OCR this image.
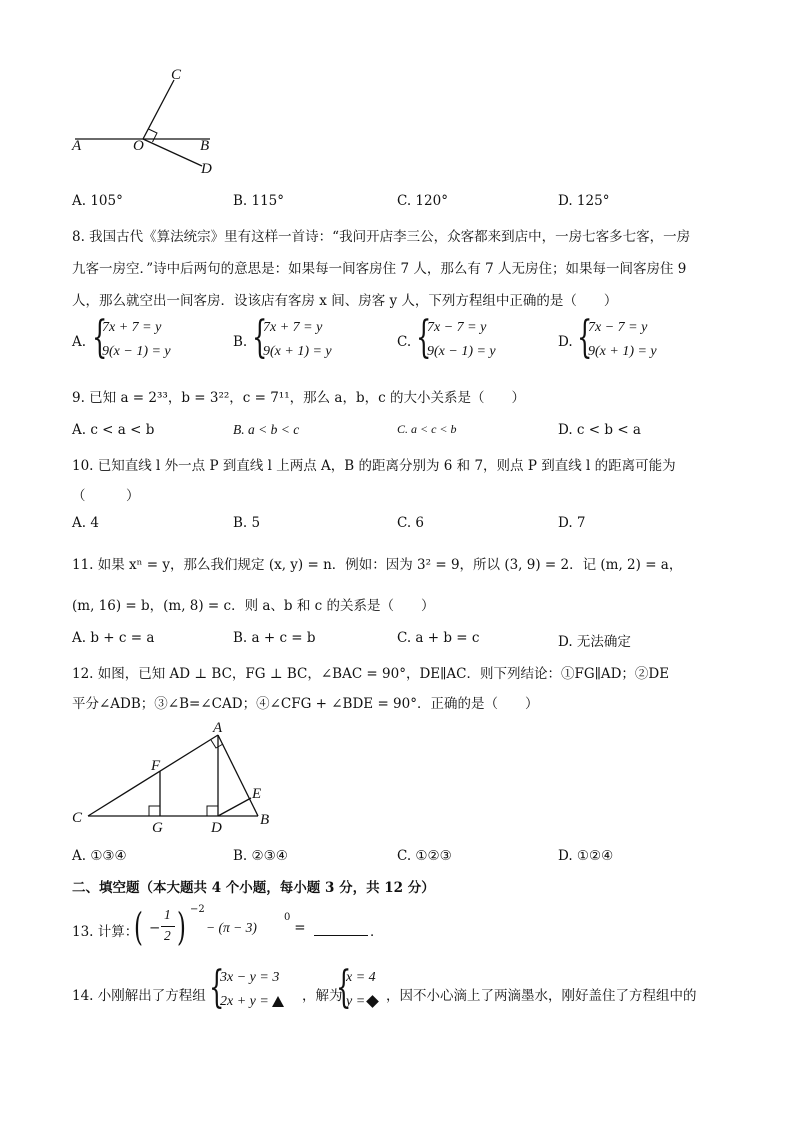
A	O	B
C
D
A. 105°	B. 115°	C. 120°	D. 125°
8. 我国古代《算法统宗》里有这样一首诗：“我问开店李三公，众客都来到店中，一房七客多七客，一房
九客一房空．”诗中后两句的意思是：如果每一间客房住 7 人，那么有 7 人无房住；如果每一间客房住 9
人，那么就空出一间客房．设该店有客房 x 间、房客 y 人，下列方程组中正确的是（　　）
A. {
7x + 7 = y
9(x − 1) = y
B. {
7x + 7 = y
9(x + 1) = y
C. {
7x − 7 = y
9(x − 1) = y
D. {
7x − 7 = y
9(x + 1) = y
9. 已知 a = 2³³，b = 3²²，c = 7¹¹，那么 a，b，c 的大小关系是（　　）
A. c < a < b	B. a < b < c	C. a < c < b	D. c < b < a
10. 已知直线 l 外一点 P 到直线 l 上两点 A，B 的距离分别为 6 和 7，则点 P 到直线 l 的距离可能为
（　　　）
A. 4	B. 5	C. 6	D. 7
11. 如果 xⁿ = y，那么我们规定 (x, y) = n．例如：因为 3² = 9，所以 (3, 9) = 2．记 (m, 2) = a，
(m, 16) = b，(m, 8) = c．则 a、b 和 c 的关系是（　　）
A. b + c = a	B. a + c = b	C. a + b = c	D. 无法确定
12. 如图，已知 AD ⊥ BC，FG ⊥ BC，∠BAC = 90°，DE∥AC．则下列结论：①FG∥AD；②DE
平分∠ADB；③∠B=∠CAD；④∠CFG + ∠BDE = 90°．正确的是（　　）
A
F
E
C
G	D	B
A. ①③④	B. ②③④	C. ①②③	D. ①②④
二、填空题（本大题共 4 个小题，每小题 3 分，共 12 分）
13. 计算：
( −
1
2 ) −2
− (π − 3)
0
=	．
14. 小刚解出了方程组 {
3x − y = 3
2x + y =	，解为
{
x = 4
y =	，因不小心滴上了两滴墨水，刚好盖住了方程组中的
